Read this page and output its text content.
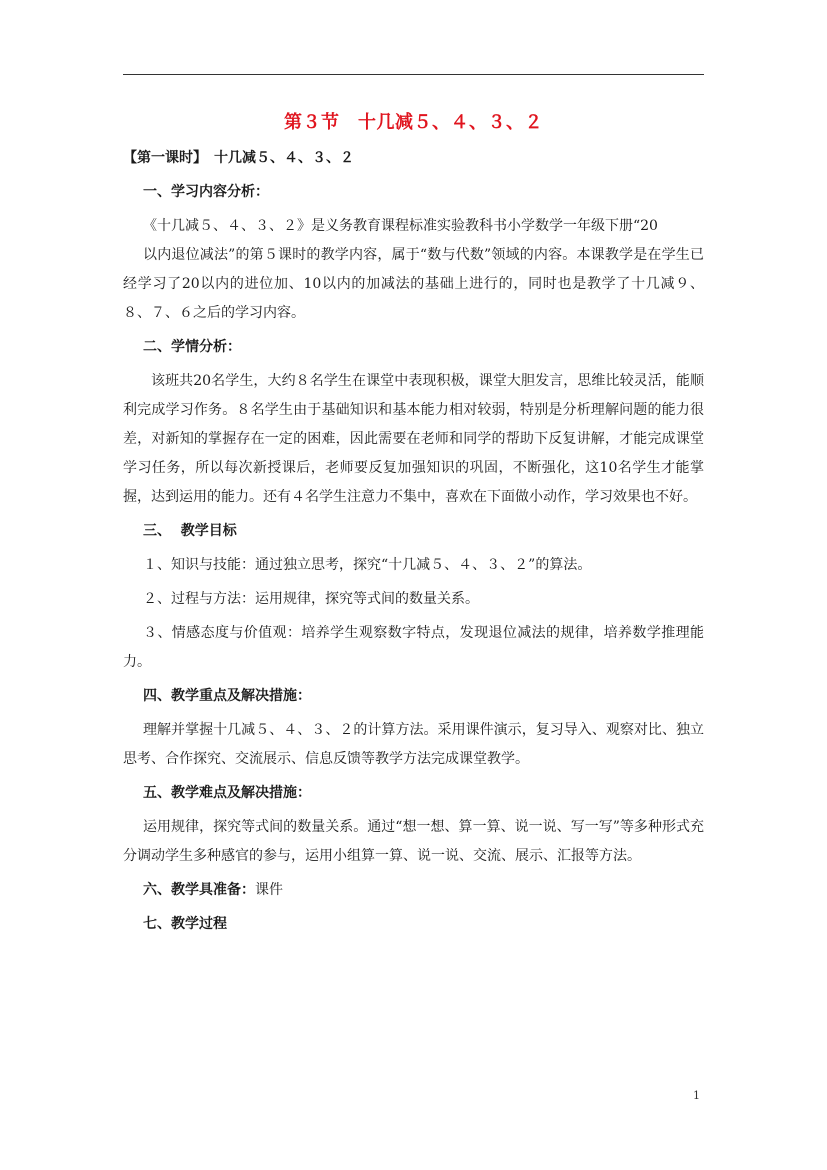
第３节　十几减５、４、３、２

【第一课时】　十几减５、４、３、２

一、学习内容分析：

《十几减５、４、３、２》是义务教育课程标准实验教科书小学数学一年级下册“20

以内退位减法”的第５课时的教学内容，属于“数与代数”领域的内容。本课教学是在学生已经学习了20以内的进位加、10以内的加减法的基础上进行的，同时也是教学了十几减９、８、７、６之后的学习内容。

二、学情分析：

该班共20名学生，大约８名学生在课堂中表现积极，课堂大胆发言，思维比较灵活，能顺利完成学习作务。８名学生由于基础知识和基本能力相对较弱，特别是分析理解问题的能力很差，对新知的掌握存在一定的困难，因此需要在老师和同学的帮助下反复讲解，才能完成课堂学习任务，所以每次新授课后，老师要反复加强知识的巩固，不断强化，这10名学生才能掌握，达到运用的能力。还有４名学生注意力不集中，喜欢在下面做小动作，学习效果也不好。

三、  教学目标

１、知识与技能：通过独立思考，探究“十几减５、４、３、２”的算法。

２、过程与方法：运用规律，探究等式间的数量关系。

３、情感态度与价值观：培养学生观察数字特点，发现退位减法的规律，培养数学推理能力。

四、教学重点及解决措施：

理解并掌握十几减５、４、３、２的计算方法。采用课件演示，复习导入、观察对比、独立思考、合作探究、交流展示、信息反馈等教学方法完成课堂教学。

五、教学难点及解决措施：

运用规律，探究等式间的数量关系。通过“想一想、算一算、说一说、写一写”等多种形式充分调动学生多种感官的参与，运用小组算一算、说一说、交流、展示、汇报等方法。

六、教学具准备：课件

七、教学过程

1
